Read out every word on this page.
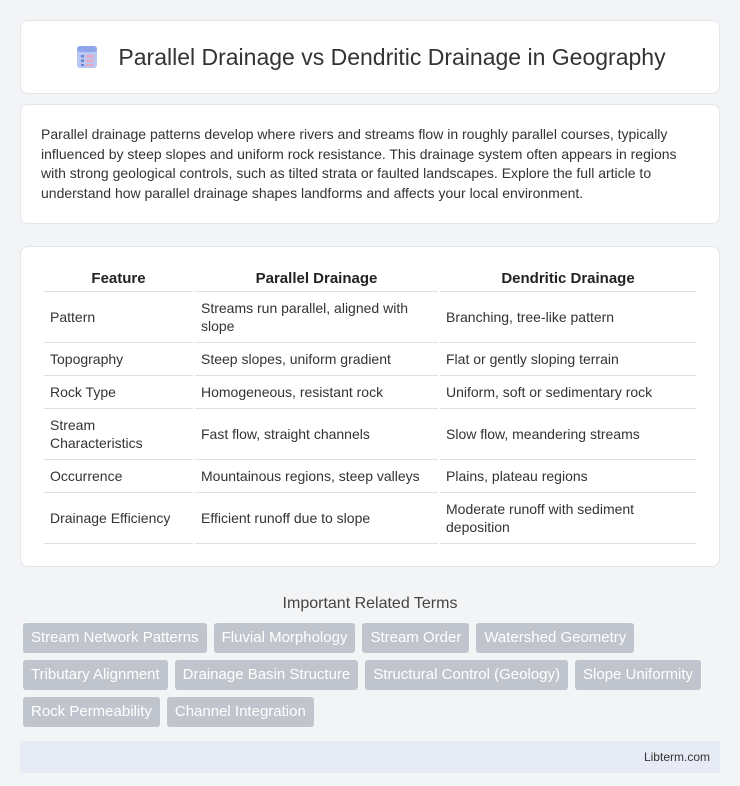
Parallel Drainage vs Dendritic Drainage in Geography

Parallel drainage patterns develop where rivers and streams flow in roughly parallel courses, typically influenced by steep slopes and uniform rock resistance. This drainage system often appears in regions with strong geological controls, such as tilted strata or faulted landscapes. Explore the full article to understand how parallel drainage shapes landforms and affects your local environment.

Feature	Parallel Drainage	Dendritic Drainage
Pattern	Streams run parallel, aligned with slope	Branching, tree-like pattern
Topography	Steep slopes, uniform gradient	Flat or gently sloping terrain
Rock Type	Homogeneous, resistant rock	Uniform, soft or sedimentary rock
Stream Characteristics	Fast flow, straight channels	Slow flow, meandering streams
Occurrence	Mountainous regions, steep valleys	Plains, plateau regions
Drainage Efficiency	Efficient runoff due to slope	Moderate runoff with sediment deposition
Important Related Terms
Stream Network Patterns	Fluvial Morphology	Stream Order	Watershed Geometry
Tributary Alignment	Drainage Basin Structure	Structural Control (Geology)	Slope Uniformity
Rock Permeability	Channel Integration
Libterm.com
